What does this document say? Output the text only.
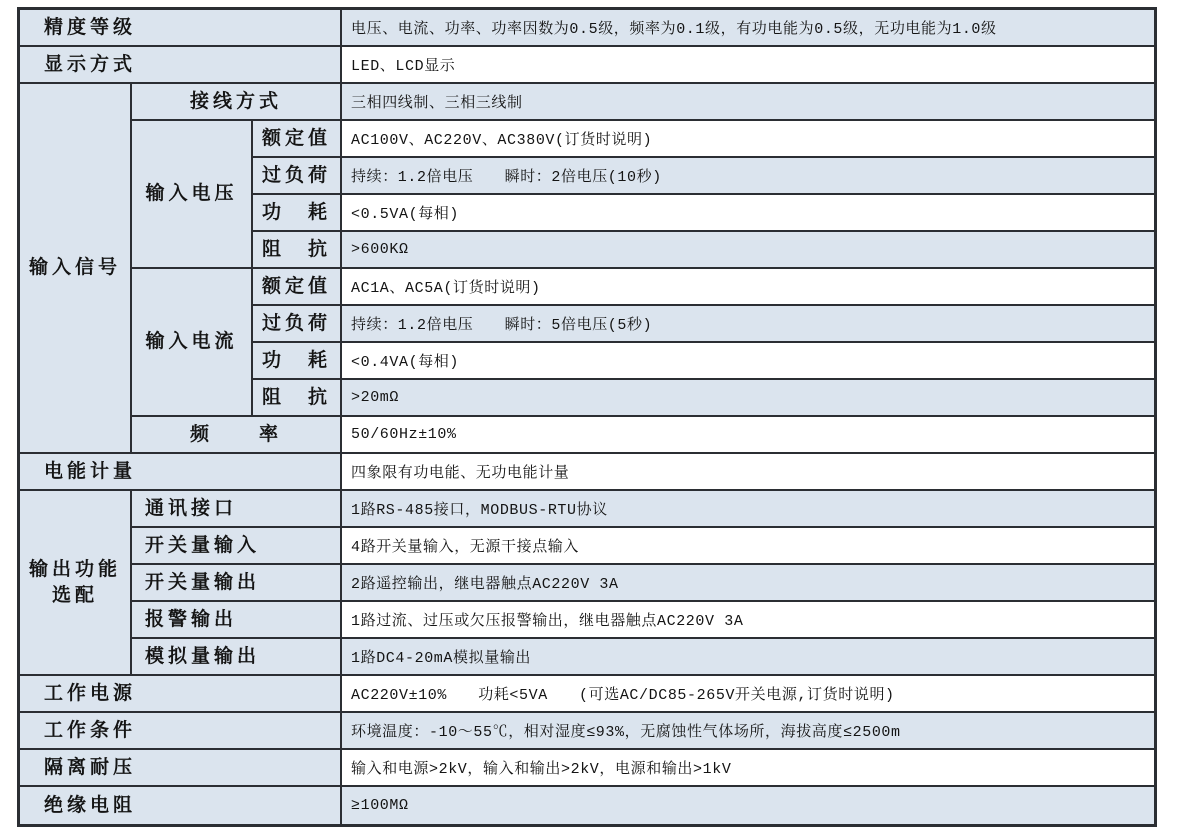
精度等级	电压、电流、功率、功率因数为0.5级，频率为0.1级，有功电能为0.5级，无功电能为1.0级
显示方式	LED、LCD显示
输入信号
接线方式	三相四线制、三相三线制
输入电压
额定值	AC100V、AC220V、AC380V(订货时说明)
过负荷	持续：1.2倍电压　　瞬时：2倍电压(10秒)
功　耗	<0.5VA(每相)
阻　抗	>600KΩ
输入电流
额定值	AC1A、AC5A(订货时说明)
过负荷	持续：1.2倍电压　　瞬时：5倍电压(5秒)
功　耗	<0.4VA(每相)
阻　抗	>20mΩ
频　　率	50/60Hz±10%
电能计量	四象限有功电能、无功电能计量
输出功能选配
通讯接口	1路RS-485接口，MODBUS-RTU协议
开关量输入	4路开关量输入，无源干接点输入
开关量输出	2路遥控输出，继电器触点AC220V 3A
报警输出	1路过流、过压或欠压报警输出，继电器触点AC220V 3A
模拟量输出	1路DC4-20mA模拟量输出
工作电源	AC220V±10%　　功耗<5VA　　(可选AC/DC85-265V开关电源,订货时说明)
工作条件	环境温度：-10～55℃，相对湿度≤93%，无腐蚀性气体场所，海拔高度≤2500m
隔离耐压	输入和电源>2kV，输入和输出>2kV，电源和输出>1kV
绝缘电阻	≥100MΩ
